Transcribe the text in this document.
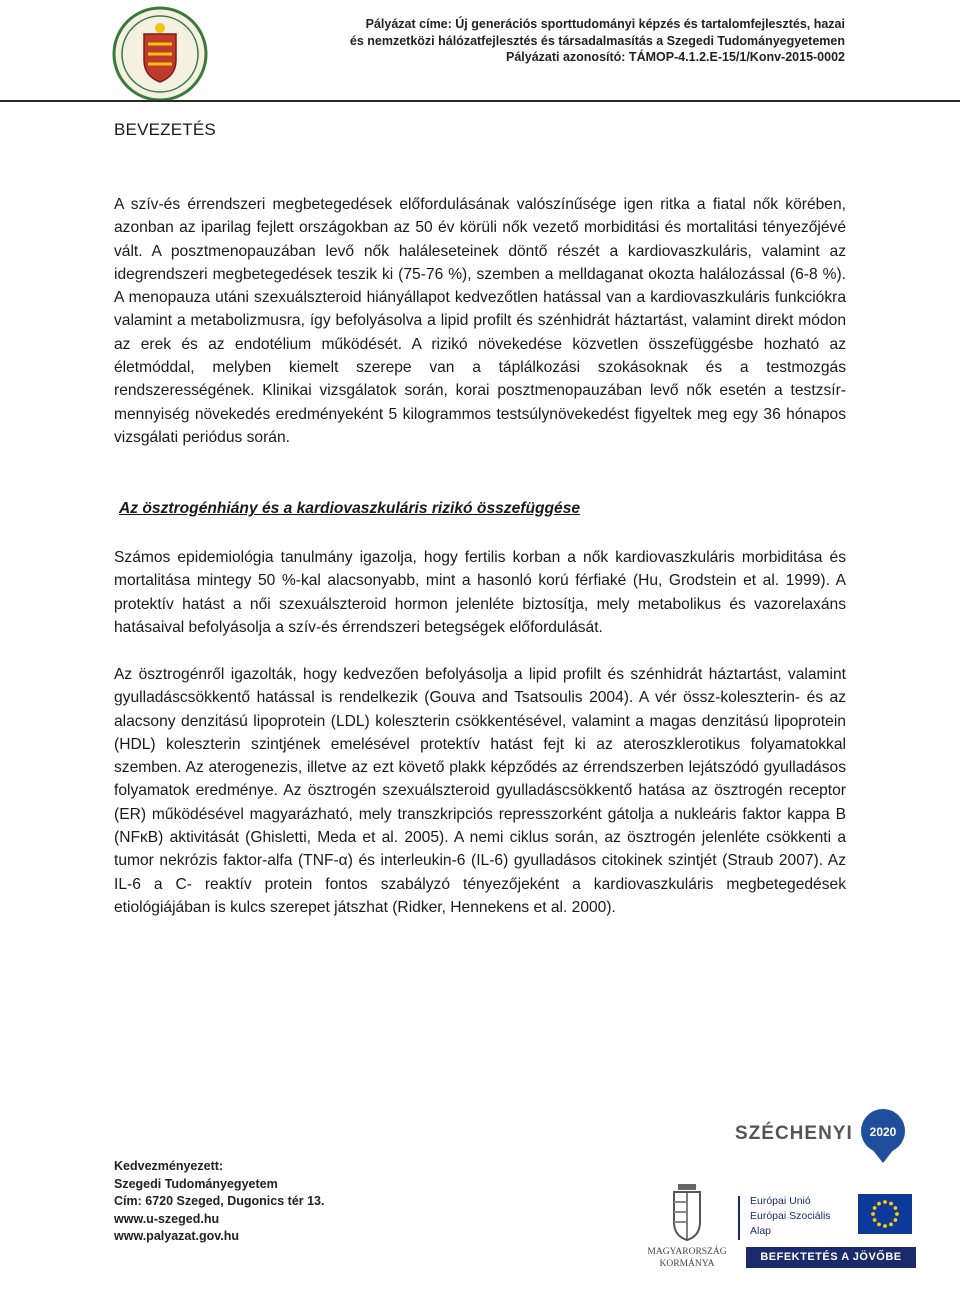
Pályázat címe: Új generációs sporttudományi képzés és tartalomfejlesztés, hazai
és nemzetközi hálózatfejlesztés és társadalmasítás a Szegedi Tudományegyetemen
Pályázati azonosító: TÁMOP-4.1.2.E-15/1/Konv-2015-0002
BEVEZETÉS

A szív-és érrendszeri megbetegedések előfordulásának valószínűsége igen ritka a fiatal nők körében, azonban az iparilag fejlett országokban az 50 év körüli nők vezető morbiditási és mortalitási tényezőjévé vált. A posztmenopauzában levő nők haláleseteinek döntő részét a kardiovaszkuláris, valamint az idegrendszeri megbetegedések teszik ki (75-76 %), szemben a melldaganat okozta halálozással (6-8 %). A menopauza utáni szexuálszteroid hiányállapot kedvezőtlen hatással van a kardiovaszkuláris funkciókra valamint a metabolizmusra, így befolyásolva a lipid profilt és szénhidrát háztartást, valamint direkt módon az erek és az endotélium működését. A rizikó növekedése közvetlen összefüggésbe hozható az életmóddal, melyben kiemelt szerepe van a táplálkozási szokásoknak és a testmozgás rendszerességének. Klinikai vizsgálatok során, korai posztmenopauzában levő nők esetén a testzsír-mennyiség növekedés eredményeként 5 kilogrammos testsúlynövekedést figyeltek meg egy 36 hónapos vizsgálati periódus során.

Az ösztrogénhiány és a kardiovaszkuláris rizikó összefüggése

Számos epidemiológia tanulmány igazolja, hogy fertilis korban a nők kardiovaszkuláris morbiditása és mortalitása mintegy 50 %-kal alacsonyabb, mint a hasonló korú férfiaké (Hu, Grodstein et al. 1999). A protektív hatást a női szexuálszteroid hormon jelenléte biztosítja, mely metabolikus és vazorelaxáns hatásaival befolyásolja a szív-és érrendszeri betegségek előfordulását.

Az ösztrogénről igazolták, hogy kedvezően befolyásolja a lipid profilt és szénhidrát háztartást, valamint gyulladáscsökkentő hatással is rendelkezik (Gouva and Tsatsoulis 2004). A vér össz-koleszterin- és az alacsony denzitású lipoprotein (LDL) koleszterin csökkentésével, valamint a magas denzitású lipoprotein (HDL) koleszterin szintjének emelésével protektív hatást fejt ki az ateroszklerotikus folyamatokkal szemben. Az aterogenezis, illetve az ezt követő plakk képződés az érrendszerben lejátszódó gyulladásos folyamatok eredménye. Az ösztrogén szexuálszteroid gyulladáscsökkentő hatása az ösztrogén receptor (ER) működésével magyarázható, mely transzkripciós represszorként gátolja a nukleáris faktor kappa B (NFκB) aktivitását (Ghisletti, Meda et al. 2005). A nemi ciklus során, az ösztrogén jelenléte csökkenti a tumor nekrózis faktor-alfa (TNF-α) és interleukin-6 (IL-6) gyulladásos citokinek szintjét (Straub 2007). Az IL-6 a C- reaktív protein fontos szabályzó tényezőjeként a kardiovaszkuláris megbetegedések etiológiájában is kulcs szerepet játszhat (Ridker, Hennekens et al. 2000).

Kedvezményezett:
Szegedi Tudományegyetem
Cím: 6720 Szeged, Dugonics tér 13.
www.u-szeged.hu
www.palyazat.gov.hu
SZÉCHENYI 2020
MAGYARORSZÁG
KORMÁNYA
Európai Unió
Európai Szociális
Alap
BEFEKTETÉS A JÖVŐBE
